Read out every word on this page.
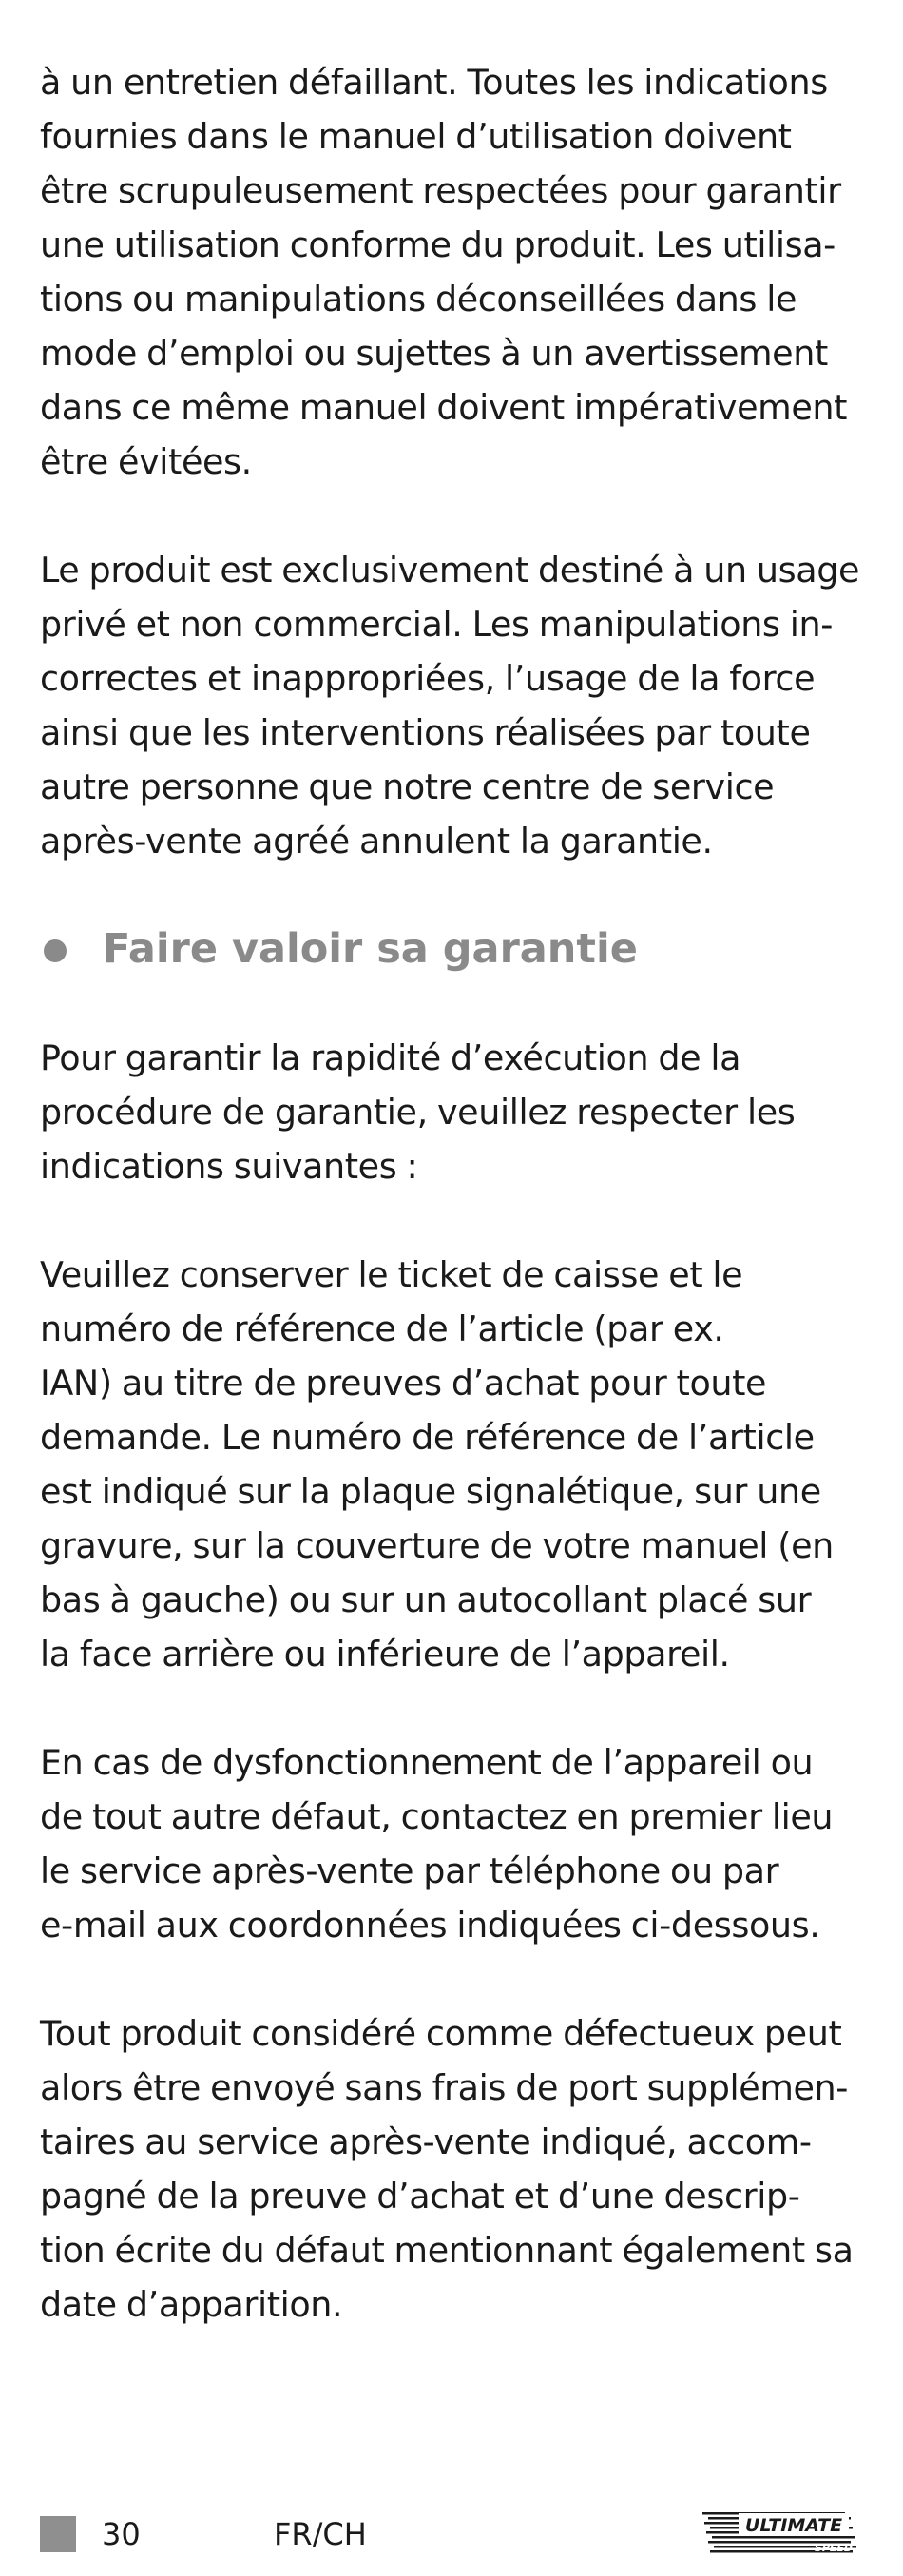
à un entretien défaillant. Toutes les indications
fournies dans le manuel d’utilisation doivent
être scrupuleusement respectées pour garantir
une utilisation conforme du produit. Les utilisa-
tions ou manipulations déconseillées dans le
mode d’emploi ou sujettes à un avertissement
dans ce même manuel doivent impérativement
être évitées.
Le produit est exclusivement destiné à un usage
privé et non commercial. Les manipulations in-
correctes et inappropriées, l’usage de la force
ainsi que les interventions réalisées par toute
autre personne que notre centre de service
après-vente agréé annulent la garantie.
Faire valoir sa garantie
Pour garantir la rapidité d’exécution de la
procédure de garantie, veuillez respecter les
indications suivantes :
Veuillez conserver le ticket de caisse et le
numéro de référence de l’article (par ex.
IAN) au titre de preuves d’achat pour toute
demande. Le numéro de référence de l’article
est indiqué sur la plaque signalétique, sur une
gravure, sur la couverture de votre manuel (en
bas à gauche) ou sur un autocollant placé sur
la face arrière ou inférieure de l’appareil.
En cas de dysfonctionnement de l’appareil ou
de tout autre défaut, contactez en premier lieu
le service après-vente par téléphone ou par
e-mail aux coordonnées indiquées ci-dessous.
Tout produit considéré comme défectueux peut
alors être envoyé sans frais de port supplémen-
taires au service après-vente indiqué, accom-
pagné de la preuve d’achat et d’une descrip-
tion écrite du défaut mentionnant également sa
date d’apparition.
30	FR/CH	ULTIMATE
SPEED
